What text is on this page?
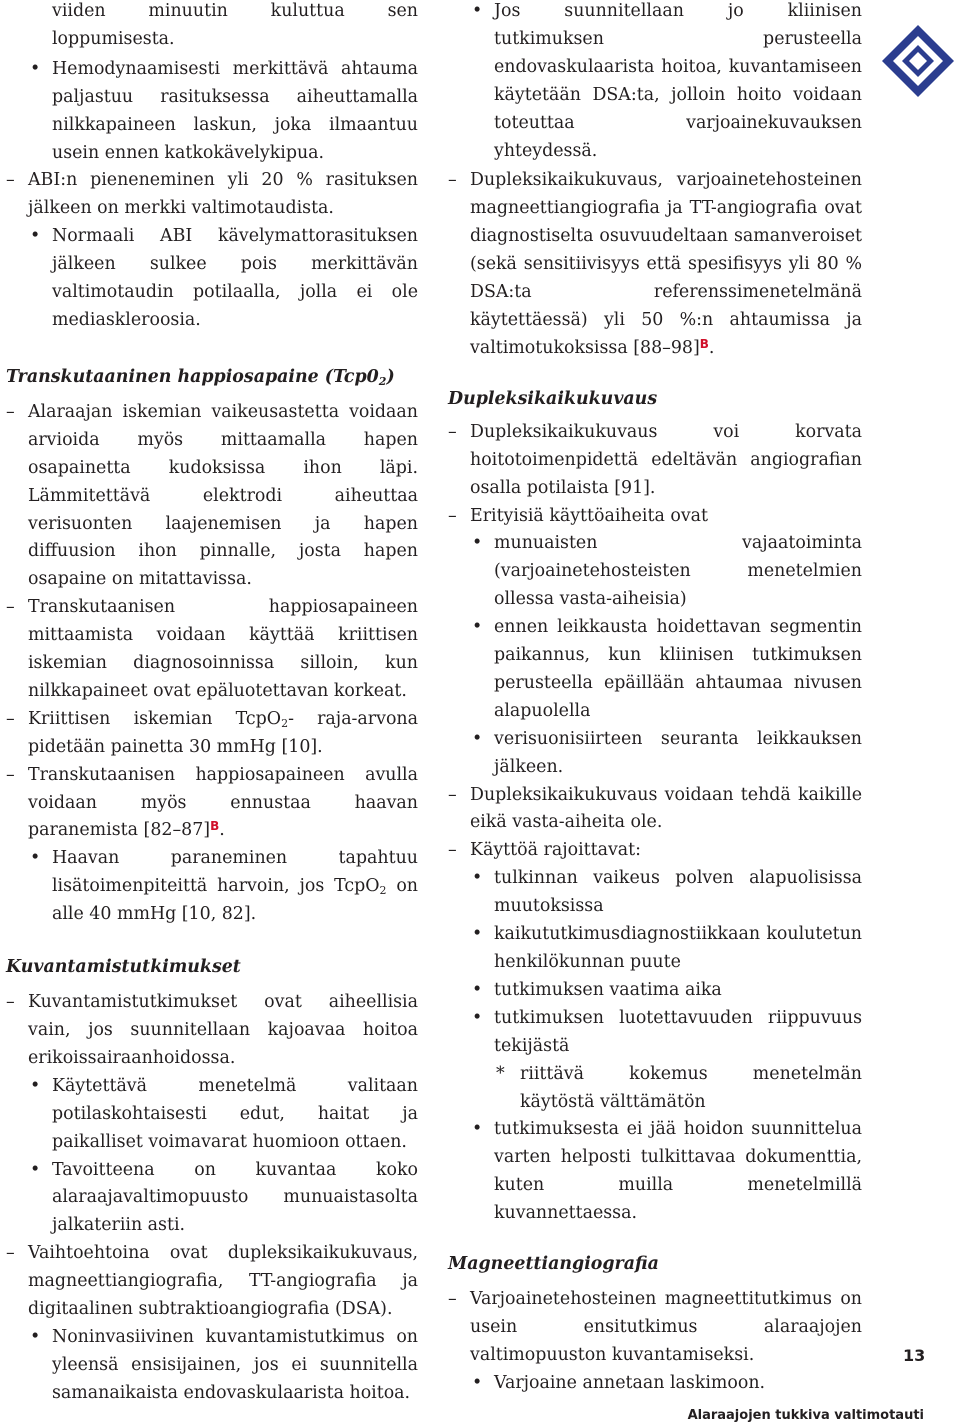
viiden minuutin kuluttua sen loppumisesta.

• Hemodynaamisesti merkittävä ahtauma paljastuu rasituksessa aiheuttamalla nilkkapaineen laskun, joka ilmaantuu usein ennen katkokävelykipua.

– ABI:n pieneneminen yli 20 % rasituksen jälkeen on merkki valtimotaudista.

• Normaali ABI kävelymattorasituksen jälkeen sulkee pois merkittävän valtimotaudin potilaalla, jolla ei ole mediaskleroosia.

Transkutaaninen happiosapaine $(Tcp0_2)$

– Alaraajan iskemian vaikeusastetta voidaan arvioida myös mittaamalla hapen osapainetta kudoksissa ihon läpi. Lämmitettävä elektrodi aiheuttaa verisuonten laajenemisen ja hapen diffuusion ihon pinnalle, josta hapen osapaine on mitattavissa.

– Transkutaanisen happiosapaineen mittaamista voidaan käyttää kriittisen iskemian diagnosoinnissa silloin, kun nilkkapaineet ovat epäluotettavan korkeat.

– Kriittisen iskemian TcpO$_2$- raja-arvona pidetään painetta 30 mmHg [10].

– Transkutaanisen happiosapaineen avulla voidaan myös ennustaa haavan paranemista [82–87]$^B$.

• Haavan paraneminen tapahtuu lisätoimenpiteittä harvoin, jos TcpO$_2$ on alle 40 mmHg [10, 82].

Kuvantamistutkimukset

– Kuvantamistutkimukset ovat aiheellisia vain, jos suunnitellaan kajoavaa hoitoa erikoissairaanhoidossa.

• Käytettävä menetelmä valitaan potilaskohtaisesti edut, haitat ja paikalliset voimavarat huomioon ottaen.

• Tavoitteena on kuvantaa koko alaraajavaltimopuusto munuaistasolta jalkateriin asti.

– Vaihtoehtoina ovat dupleksikaikukuvaus, magneettiangiografia, TT-angiografia ja digitaalinen subtraktioangiografia (DSA).

• Noninvasiivinen kuvantamistutkimus on yleensä ensisijainen, jos ei suunnitella samanaikaista endovaskulaarista hoitoa.

• Jos suunnitellaan jo kliinisen tutkimuksen perusteella endovaskulaarista hoitoa, kuvantamiseen käytetään DSA:ta, jolloin hoito voidaan toteuttaa varjoainekuvauksen yhteydessä.

– Dupleksikaikukuvaus, varjoainetehosteinen magneettiangiografia ja TT-angiografia ovat diagnostiselta osuvuudeltaan samanveroiset (sekä sensitiivisyys että spesifisyys yli 80 % DSA:ta referenssimenetelmänä käytettäessä) yli 50 %:n ahtaumissa ja valtimotukoksissa [88–98]$^B$.

Dupleksikaikukuvaus

– Dupleksikaikukuvaus voi korvata hoitotoimenpidettä edeltävän angiografian osalla potilaista [91].

– Erityisiä käyttöaiheita ovat

• munuaisten vajaatoiminta (varjoainetehosteisten menetelmien ollessa vasta-aiheisia)

• ennen leikkausta hoidettavan segmentin paikannus, kun kliinisen tutkimuksen perusteella epäillään ahtaumaa nivusen alapuolella

• verisuonisiirteen seuranta leikkauksen jälkeen.

– Dupleksikaikukuvaus voidaan tehdä kaikille eikä vasta-aiheita ole.

– Käyttöä rajoittavat:

• tulkinnan vaikeus polven alapuolisissa muutoksissa

• kaikututkimusdiagnostiikkaan koulutetun henkilökunnan puute

• tutkimuksen vaatima aika

• tutkimuksen luotettavuuden riippuvuus tekijästä

* riittävä kokemus menetelmän käytöstä välttämätön

• tutkimuksesta ei jää hoidon suunnittelua varten helposti tulkittavaa dokumenttia, kuten muilla menetelmillä kuvannettaessa.

Magneettiangiografia

– Varjoainetehosteinen magneettitutkimus on usein ensitutkimus alaraajojen valtimopuuston kuvantamiseksi.

• Varjoaine annetaan laskimoon.

13
Alaraajojen tukkiva valtimotauti
